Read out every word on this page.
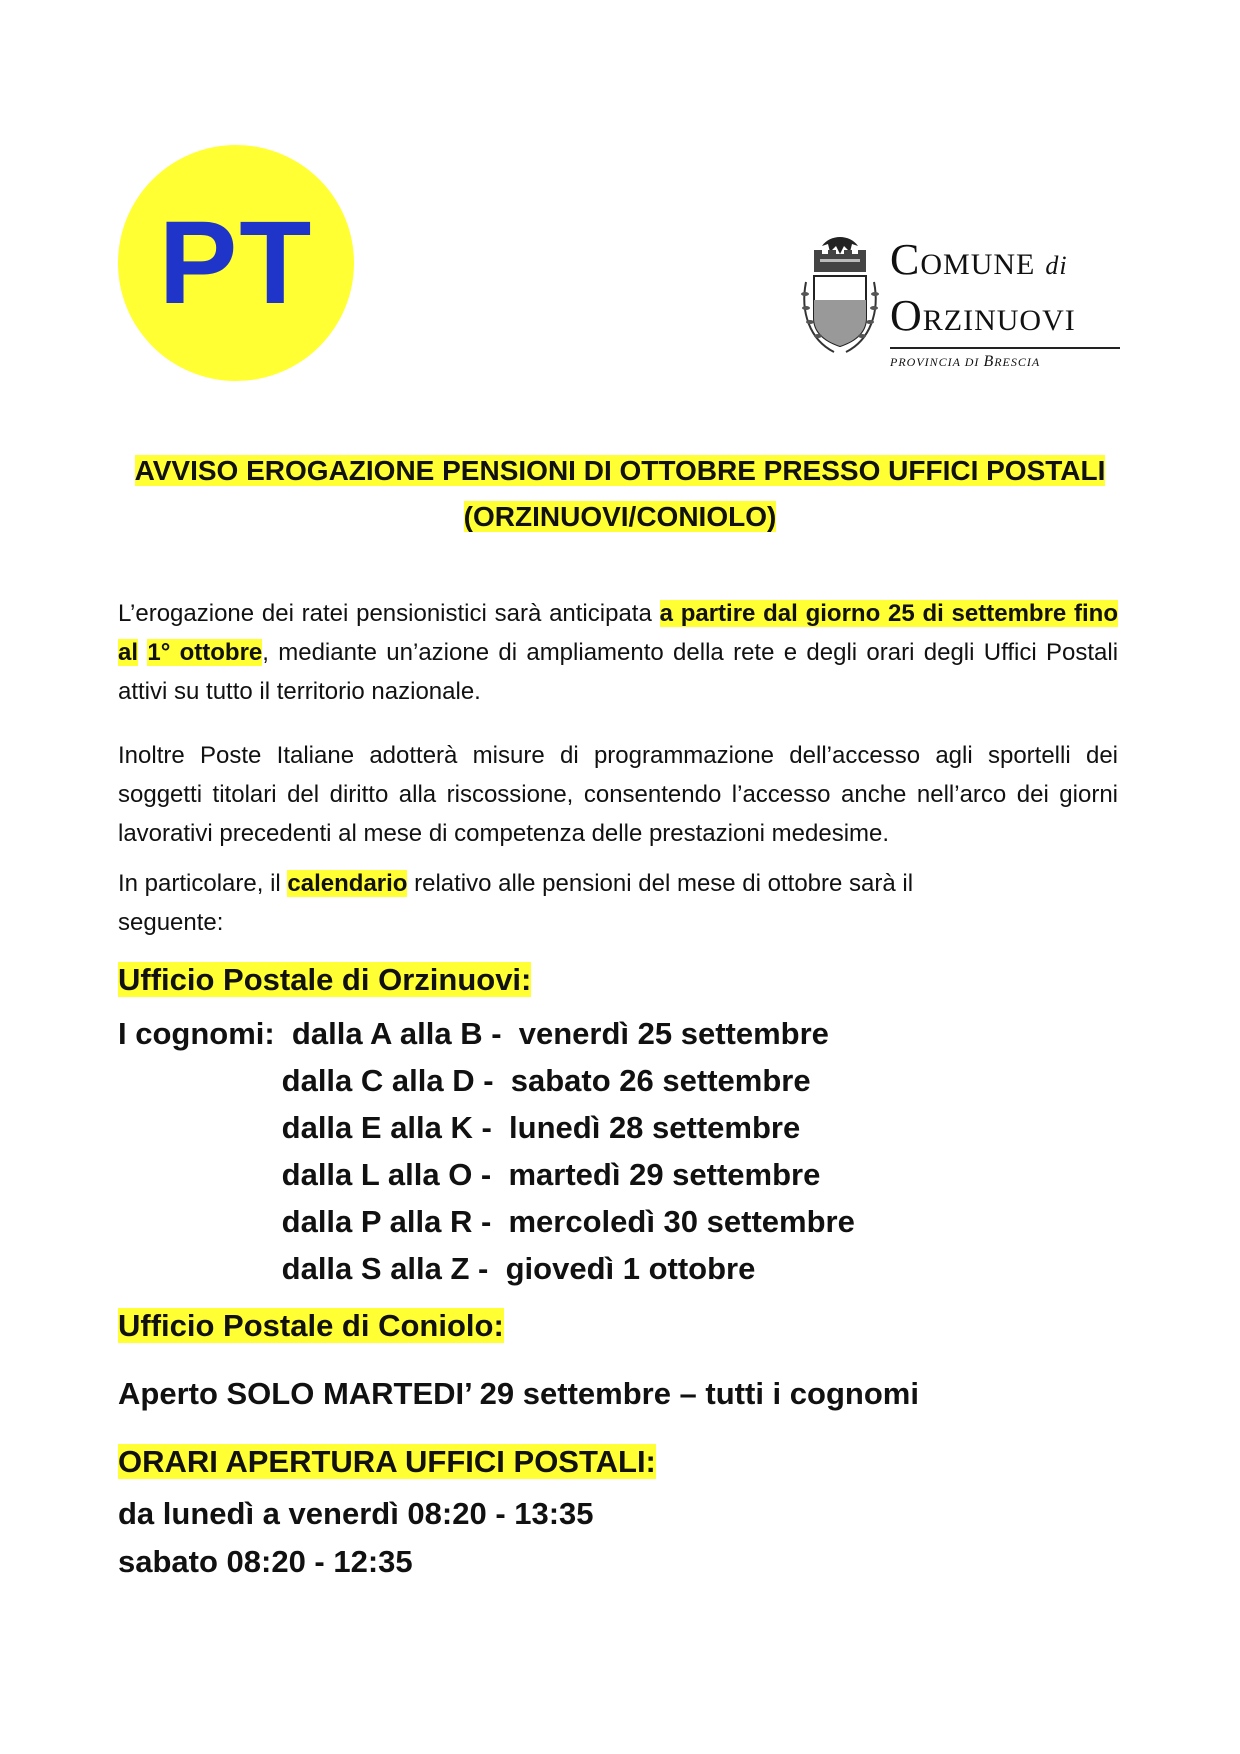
PT	COMUNE di
ORZINUOVI
PROVINCIA DI BRESCIA
AVVISO EROGAZIONE PENSIONI DI OTTOBRE PRESSO UFFICI POSTALI
(ORZINUOVI/CONIOLO)

L’erogazione dei ratei pensionistici sarà anticipata a partire dal giorno 25 di settembre fino al 1° ottobre, mediante un’azione di ampliamento della rete e degli orari degli Uffici Postali attivi su tutto il territorio nazionale.

Inoltre Poste Italiane adotterà misure di programmazione dell’accesso agli sportelli dei soggetti titolari del diritto alla riscossione, consentendo l’accesso anche nell’arco dei giorni lavorativi precedenti al mese di competenza delle prestazioni medesime.

In particolare, il calendario relativo alle pensioni del mese di ottobre sarà il seguente:

Ufficio Postale di Orzinuovi:
I cognomi:  dalla A alla B -  venerdì 25 settembre
dalla C alla D -  sabato 26 settembre
dalla E alla K -  lunedì 28 settembre
dalla L alla O -  martedì 29 settembre
dalla P alla R -  mercoledì 30 settembre
dalla S alla Z -  giovedì 1 ottobre
Ufficio Postale di Coniolo:
Aperto SOLO MARTEDI’ 29 settembre – tutti i cognomi
ORARI APERTURA UFFICI POSTALI:
da lunedì a venerdì 08:20 - 13:35
sabato 08:20 - 12:35
